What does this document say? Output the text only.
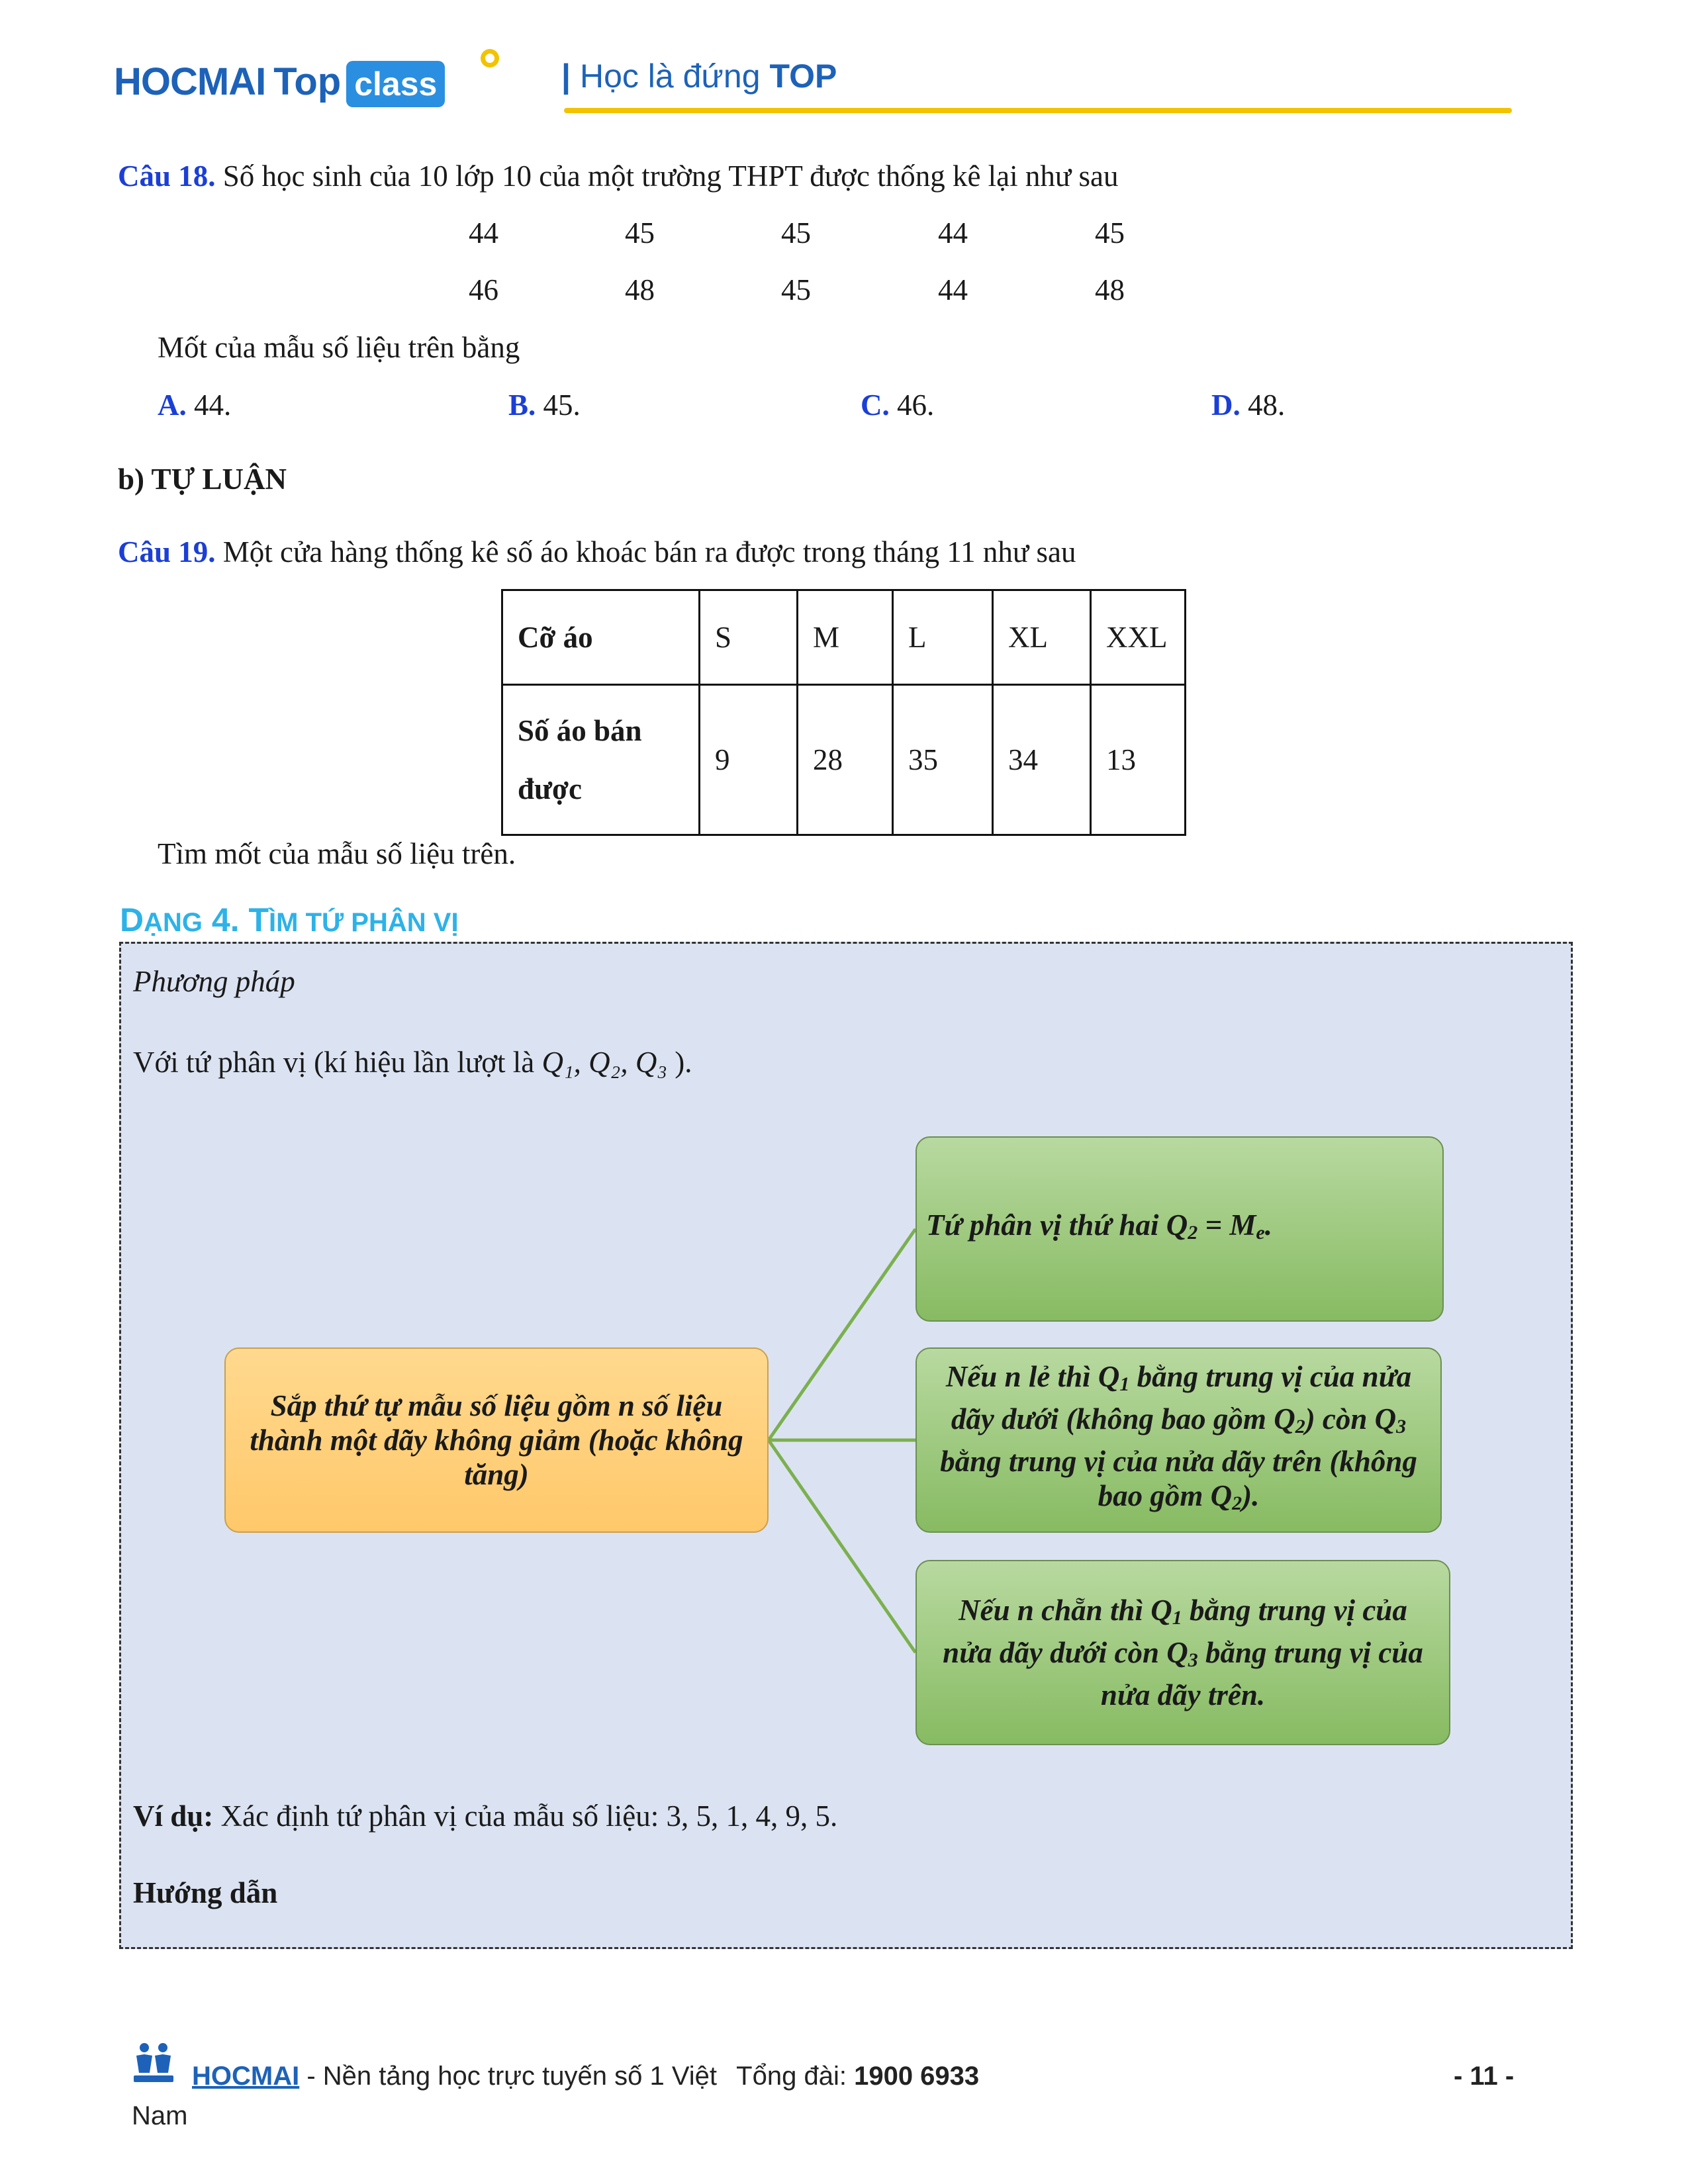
HOCMAI Top class	| Học là đứng TOP
Câu 18. Số học sinh của 10 lớp 10 của một trường THPT được thống kê lại như sau
44	45	45	44	45
46	48	45	44	48
Mốt của mẫu số liệu trên bằng
A. 44.	B. 45.	C. 46.	D. 48.
b) TỰ LUẬN
Câu 19. Một cửa hàng thống kê số áo khoác bán ra được trong tháng 11 như sau
Cỡ áo	S	M	L	XL	XXL

Số áo bán
được	9	28	35	34	13
Tìm mốt của mẫu số liệu trên.
DẠNG 4. TÌM TỨ PHÂN VỊ
Phương pháp
Với tứ phân vị (kí hiệu lần lượt là Q₁, Q₂, Q₃ ).
Sắp thứ tự mẫu số liệu gồm n số liệu thành một dãy không giảm (hoặc không tăng)
Tứ phân vị thứ hai $Q_2 = M_e$.
Nếu n lẻ thì $Q_1$ bằng trung vị của nửa dãy dưới (không bao gồm $Q_2$) còn $Q_3$ bằng trung vị của nửa dãy trên (không bao gồm $Q_2$).
Nếu n chẵn thì $Q_1$ bằng trung vị của nửa dãy dưới còn $Q_3$ bằng trung vị của nửa dãy trên.
Ví dụ: Xác định tứ phân vị của mẫu số liệu: 3, 5, 1, 4, 9, 5.
Hướng dẫn
HOCMAI - Nền tảng học trực tuyến số 1 Việt Tổng đài: 1900 6933
Nam
- 11 -
